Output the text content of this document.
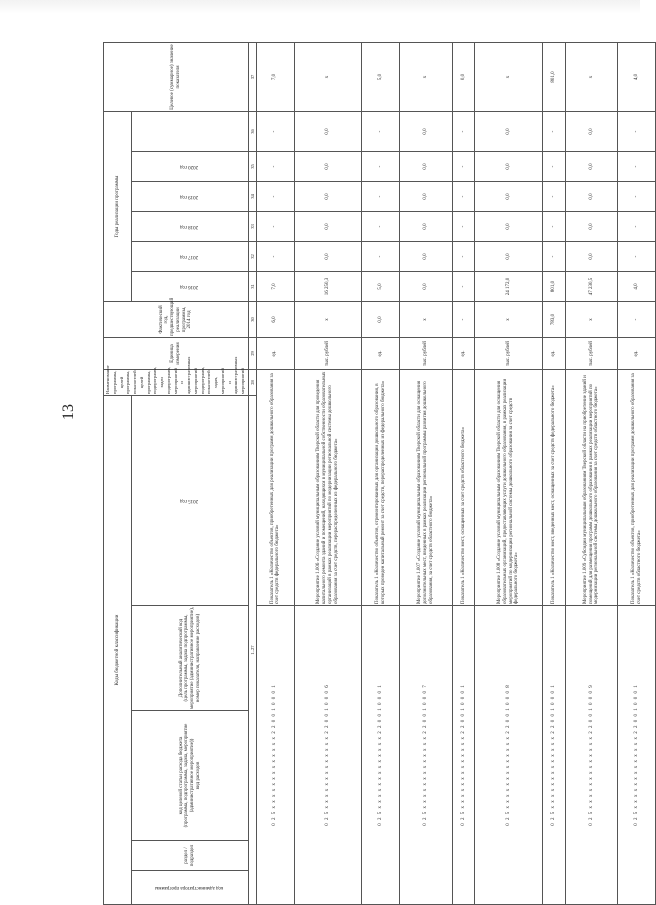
13
Коды бюджетной классификации					Наименование программы, целей программы, показателей целей программы, подпрограмм, задач подпрограмм, мероприятий и административных мероприятий подпрограмм, показателей задач, мероприятий и административных мероприятий	Единица измерения	Фактический год, предшествующий реализации программы, 2014 год	Годы реализации программы						Целевое (суммарное) значение показателя
код администратора программы	раздел / подраздел	код целевой статьи расхода бюджета
(программа, подпрограмма, задача, мероприятие (административное мероприятие))
вид расходов	Дополнительный аналитический код
(цель программы, задача подпрограммы, мероприятие (административное мероприятие), номер показателя, направление расходов)	2015 год				2016 год	2017 год	2018 год	2019 год	2020 год		
1–27					28	29	30	31	32	33	34	35	36	37
0 2 5 x x x x x x x x x x x x x 2 2 0 0 1 0 0 0 1				Показатель 1 «Количество объектов, приобретенных для реализации программ дошкольного образования за счет средств федерального бюджета»		ед.	6,0	7,0	-	-	-	-	-	7,0
0 2 5 x x x x x x x x x x x x x 2 2 0 0 1 0 0 0 6				Мероприятие 1.006 «Создание условий муниципальным образованиям Тверской области для проведения капитального ремонта зданий и помещений, находящихся в муниципальной собственности образовательных организаций в рамках реализации мероприятий по модернизации региональной системы дошкольного образования за счет средств, перераспределенных из федерального бюджета»		тыс. рублей	х	16 250,3	0,0	0,0	0,0	0,0	0,0	х
0 2 5 x x x x x x x x x x x x x 2 2 0 0 1 0 0 0 1				Показатель 1 «Количество объектов, отремонтированных для организации дошкольного образования, в которых проведен капитальный ремонт за счет средств, перераспределенных из федерального бюджета»		ед.	0,0	5,0	-	-	-	-	-	5,0
0 2 5 x x x x x x x x x x x x x 2 2 0 0 1 0 0 0 7				Мероприятие 1.007 «Создание условий муниципальным образованиям Тверской области для оснащения дополнительных мест, введенных в рамках реализации региональной программы развития дошкольного образования, за счет средств областного бюджета»		тыс. рублей	х	0,0	0,0	0,0	0,0	0,0	0,0	х
0 2 5 x x x x x x x x x x x x x 2 2 0 0 1 0 0 0 1				Показатель 1 «Количество мест, оснащенных за счет средств областного бюджета»		ед.	-	-	-	-	-	-	-	0,0
0 2 5 x x x x x x x x x x x x x 2 2 0 0 1 0 0 0 8				Мероприятие 1.008 «Создание условий муниципальным образованиям Тверской области для оснащения образовательных организаций, предоставляющих услуги дошкольного образования, в рамках реализации мероприятий по модернизации региональной системы дошкольного образования за счет средств федерального бюджета»		тыс. рублей	х	24 172,0	0,0	0,0	0,0	0,0	0,0	х
0 2 5 x x x x x x x x x x x x x 2 2 0 0 1 0 0 0 1				Показатель 1 «Количество мест, введенных мест, оснащенных за счет средств федерального бюджета»		ед.	783,0	801,0	-	-	-	-	-	801,0
0 2 5 x x x x x x x x x x x x x 2 2 0 0 1 0 0 0 9				Мероприятие 1.009 «Субсидии муниципальным образованиям Тверской области на приобретение зданий и помещений для размещения программ дошкольного образования в рамках реализации мероприятий по модернизации региональной системы дошкольного образования за счет средств областного бюджета»		тыс. рублей	х	47 230,5	0,0	0,0	0,0	0,0	0,0	х
0 2 5 x x x x x x x x x x x x x 2 2 0 0 1 0 0 0 1				Показатель 1 «Количество объектов, приобретенных для реализации программ дошкольного образования за счет средств областного бюджета»		ед.	-	4,0	-	-	-	-	-	4,0
